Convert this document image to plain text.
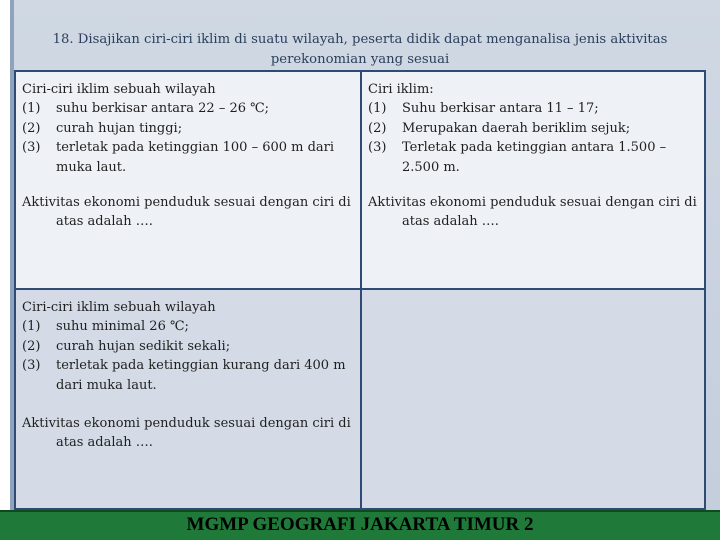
18. Disajikan ciri-ciri iklim di suatu wilayah, peserta didik dapat menganalisa jenis aktivitas perekonomian yang sesuai
Ciri-ciri iklim sebuah wilayah
(1) suhu berkisar antara 22 – 26 ℃;
(2) curah hujan tinggi;
(3) terletak pada ketinggian 100 – 600 m dari muka laut.
Aktivitas ekonomi penduduk sesuai dengan ciri di atas adalah ….
Ciri iklim:
(1) Suhu berkisar antara 11 – 17;
(2) Merupakan daerah beriklim sejuk;
(3) Terletak pada ketinggian antara 1.500 – 2.500 m.
Aktivitas ekonomi penduduk sesuai dengan ciri di atas adalah ….
Ciri-ciri iklim sebuah wilayah
(1) suhu minimal 26 ℃;
(2) curah hujan sedikit sekali;
(3) terletak pada ketinggian kurang dari 400 m dari muka laut.
Aktivitas ekonomi penduduk sesuai dengan ciri di atas adalah ….
MGMP GEOGRAFI JAKARTA TIMUR 2
